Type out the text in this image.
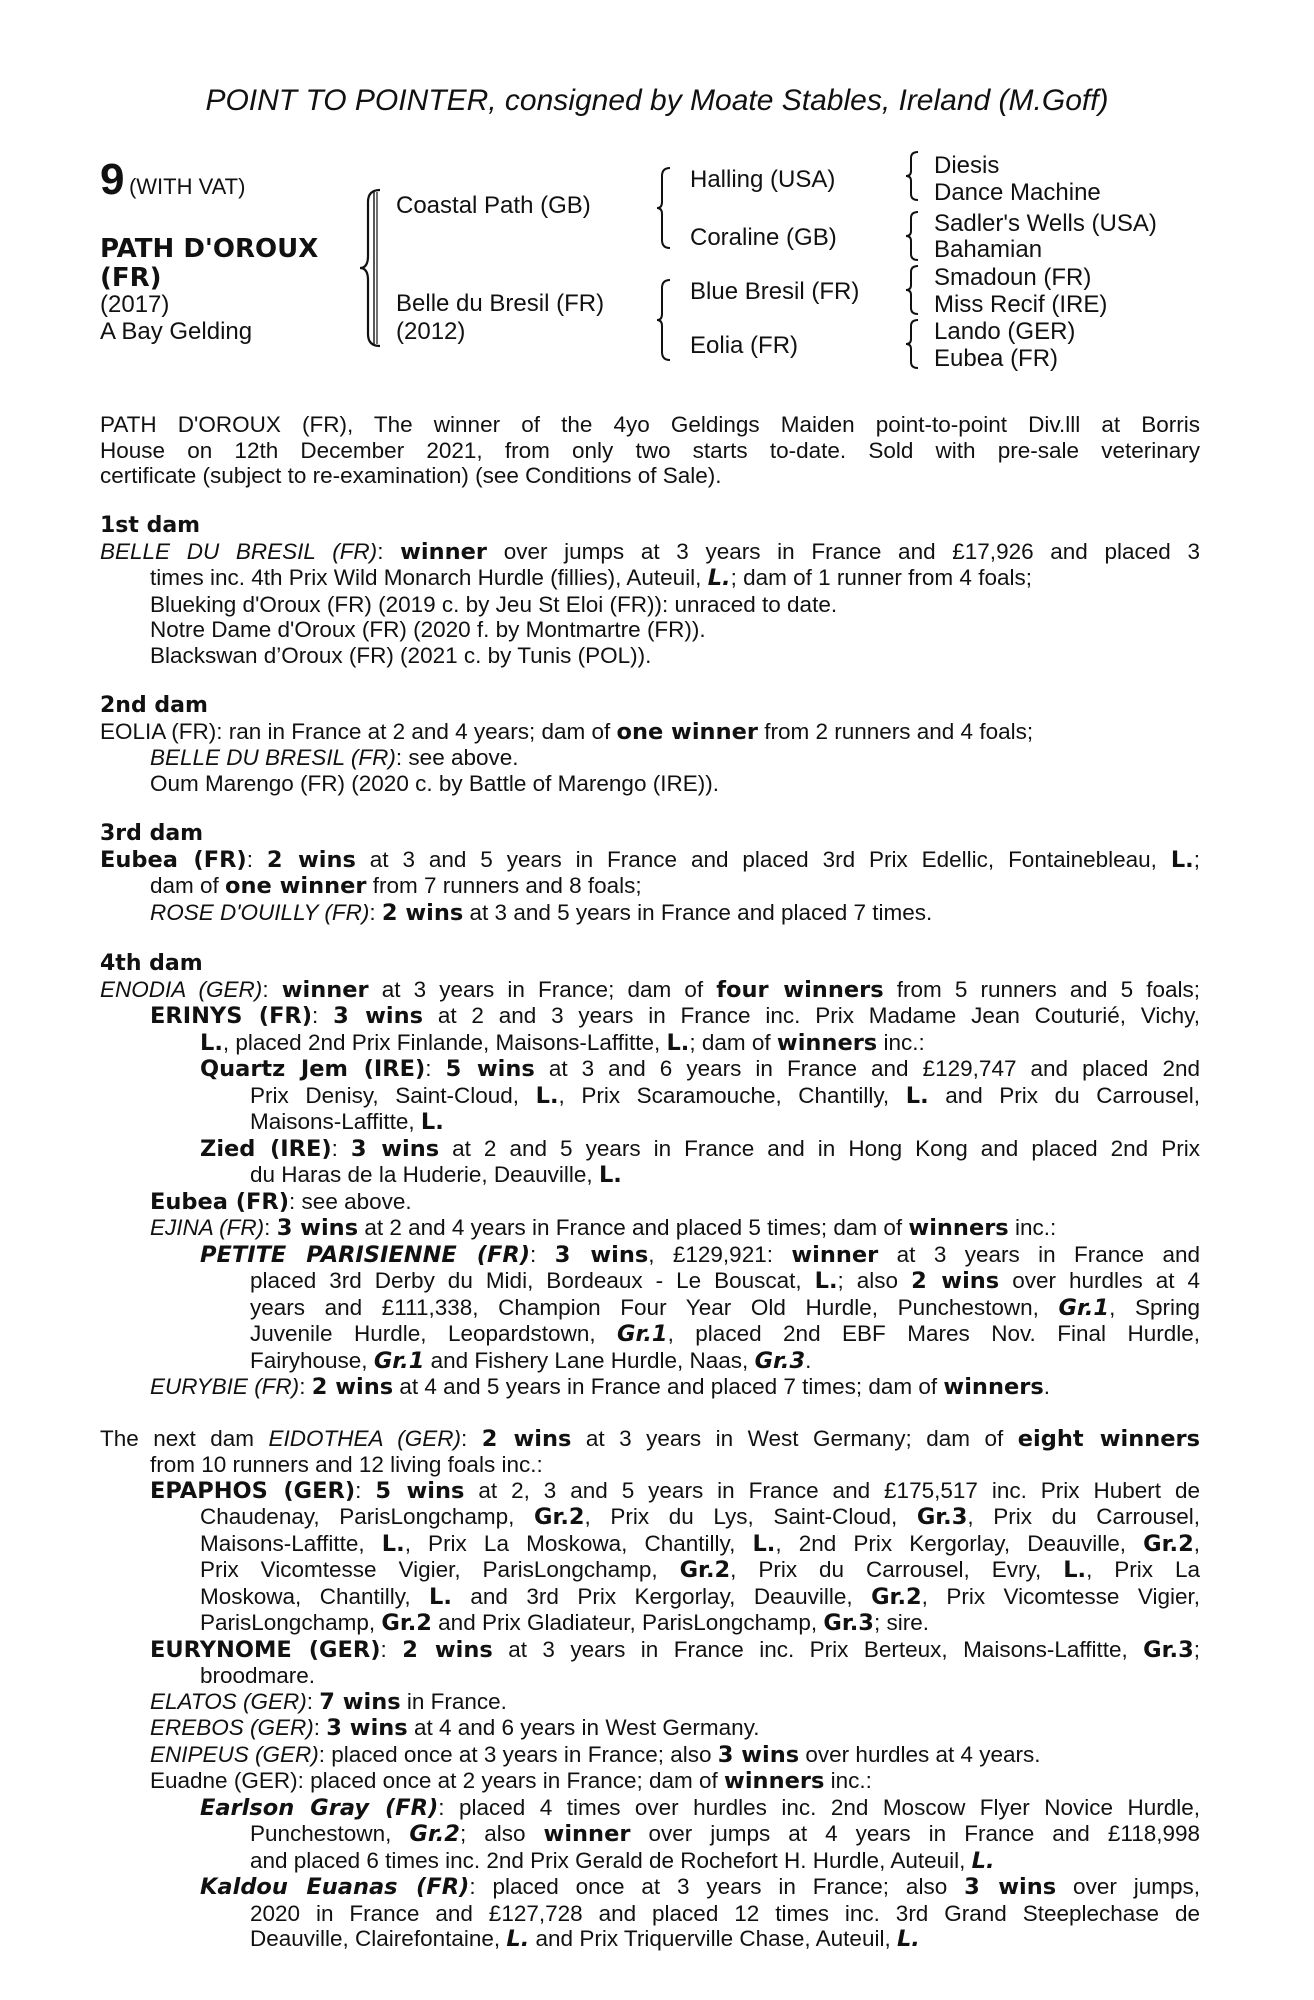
POINT TO POINTER, consigned by Moate Stables, Ireland (M.Goff)
9 (WITH VAT)
PATH D'OROUX
(FR)
(2017)
A Bay Gelding
Coastal Path (GB)
Belle du Bresil (FR)
(2012)
Halling (USA)
Coraline (GB)
Blue Bresil (FR)
Eolia (FR)
Diesis
Dance Machine
Sadler's Wells (USA)
Bahamian
Smadoun (FR)
Miss Recif (IRE)
Lando (GER)
Eubea (FR)
PATH D'OROUX (FR), The winner of the 4yo Geldings Maiden point-to-point Div.lll at Borris
House on 12th December 2021, from only two starts to-date. Sold with pre-sale veterinary
certificate (subject to re-examination) (see Conditions of Sale).
1st dam
BELLE DU BRESIL (FR): winner over jumps at 3 years in France and £17,926 and placed 3
times inc. 4th Prix Wild Monarch Hurdle (fillies), Auteuil, L.; dam of 1 runner from 4 foals;
Blueking d'Oroux (FR) (2019 c. by Jeu St Eloi (FR)): unraced to date.
Notre Dame d'Oroux (FR) (2020 f. by Montmartre (FR)).
Blackswan d’Oroux (FR) (2021 c. by Tunis (POL)).
2nd dam
EOLIA (FR): ran in France at 2 and 4 years; dam of one winner from 2 runners and 4 foals;
BELLE DU BRESIL (FR): see above.
Oum Marengo (FR) (2020 c. by Battle of Marengo (IRE)).
3rd dam
Eubea (FR): 2 wins at 3 and 5 years in France and placed 3rd Prix Edellic, Fontainebleau, L.;
dam of one winner from 7 runners and 8 foals;
ROSE D'OUILLY (FR): 2 wins at 3 and 5 years in France and placed 7 times.
4th dam
ENODIA (GER): winner at 3 years in France; dam of four winners from 5 runners and 5 foals;
ERINYS (FR): 3 wins at 2 and 3 years in France inc. Prix Madame Jean Couturié, Vichy,
L., placed 2nd Prix Finlande, Maisons-Laffitte, L.; dam of winners inc.:
Quartz Jem (IRE): 5 wins at 3 and 6 years in France and £129,747 and placed 2nd
Prix Denisy, Saint-Cloud, L., Prix Scaramouche, Chantilly, L. and Prix du Carrousel,
Maisons-Laffitte, L.
Zied (IRE): 3 wins at 2 and 5 years in France and in Hong Kong and placed 2nd Prix
du Haras de la Huderie, Deauville, L.
Eubea (FR): see above.
EJINA (FR): 3 wins at 2 and 4 years in France and placed 5 times; dam of winners inc.:
PETITE PARISIENNE (FR): 3 wins, £129,921: winner at 3 years in France and
placed 3rd Derby du Midi, Bordeaux - Le Bouscat, L.; also 2 wins over hurdles at 4
years and £111,338, Champion Four Year Old Hurdle, Punchestown, Gr.1, Spring
Juvenile Hurdle, Leopardstown, Gr.1, placed 2nd EBF Mares Nov. Final Hurdle,
Fairyhouse, Gr.1 and Fishery Lane Hurdle, Naas, Gr.3.
EURYBIE (FR): 2 wins at 4 and 5 years in France and placed 7 times; dam of winners.
The next dam EIDOTHEA (GER): 2 wins at 3 years in West Germany; dam of eight winners
from 10 runners and 12 living foals inc.:
EPAPHOS (GER): 5 wins at 2, 3 and 5 years in France and £175,517 inc. Prix Hubert de
Chaudenay, ParisLongchamp, Gr.2, Prix du Lys, Saint-Cloud, Gr.3, Prix du Carrousel,
Maisons-Laffitte, L., Prix La Moskowa, Chantilly, L., 2nd Prix Kergorlay, Deauville, Gr.2,
Prix Vicomtesse Vigier, ParisLongchamp, Gr.2, Prix du Carrousel, Evry, L., Prix La
Moskowa, Chantilly, L. and 3rd Prix Kergorlay, Deauville, Gr.2, Prix Vicomtesse Vigier,
ParisLongchamp, Gr.2 and Prix Gladiateur, ParisLongchamp, Gr.3; sire.
EURYNOME (GER): 2 wins at 3 years in France inc. Prix Berteux, Maisons-Laffitte, Gr.3;
broodmare.
ELATOS (GER): 7 wins in France.
EREBOS (GER): 3 wins at 4 and 6 years in West Germany.
ENIPEUS (GER): placed once at 3 years in France; also 3 wins over hurdles at 4 years.
Euadne (GER): placed once at 2 years in France; dam of winners inc.:
Earlson Gray (FR): placed 4 times over hurdles inc. 2nd Moscow Flyer Novice Hurdle,
Punchestown, Gr.2; also winner over jumps at 4 years in France and £118,998
and placed 6 times inc. 2nd Prix Gerald de Rochefort H. Hurdle, Auteuil, L.
Kaldou Euanas (FR): placed once at 3 years in France; also 3 wins over jumps,
2020 in France and £127,728 and placed 12 times inc. 3rd Grand Steeplechase de
Deauville, Clairefontaine, L. and Prix Triquerville Chase, Auteuil, L.
